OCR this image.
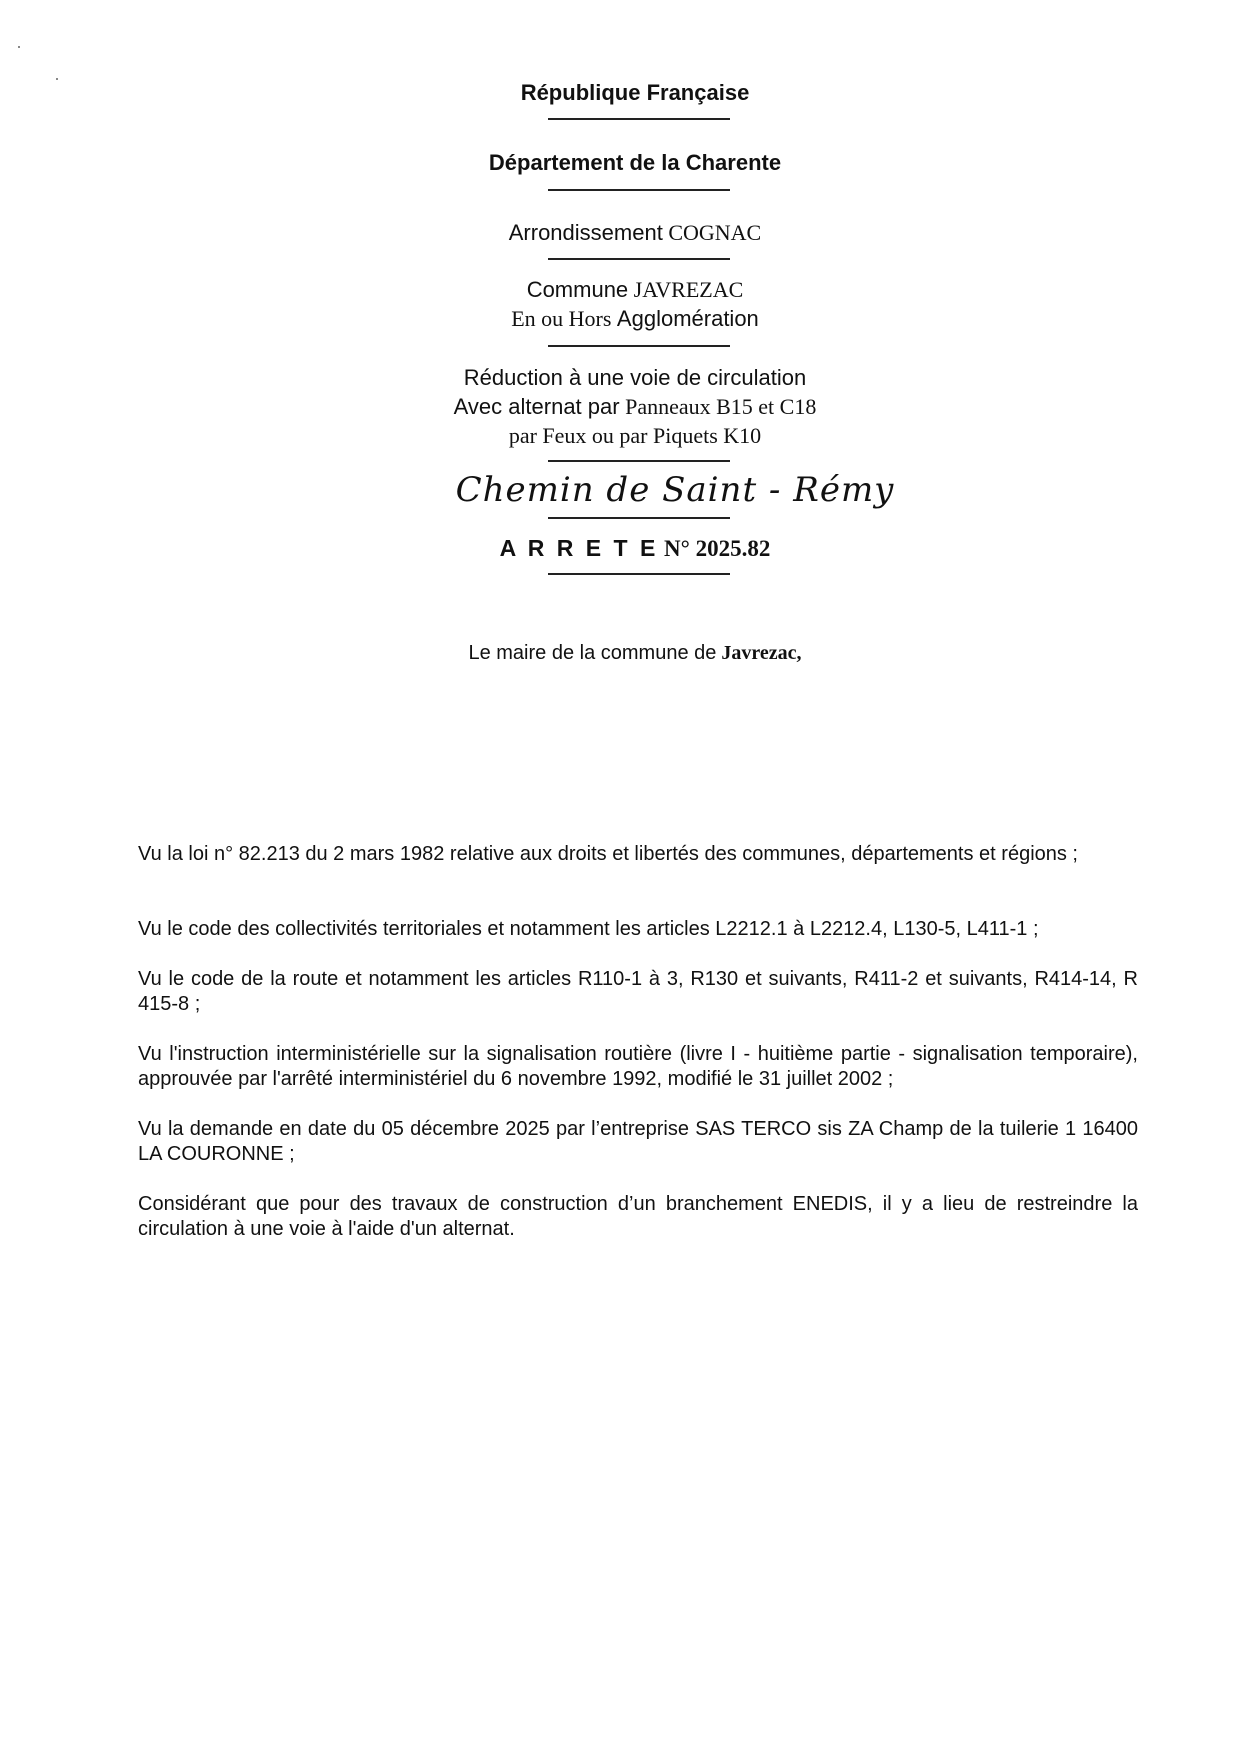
République Française
Département de la Charente
Arrondissement COGNAC
Commune JAVREZAC
En ou Hors Agglomération
Réduction à une voie de circulation
Avec alternat par Panneaux B15 et C18
par Feux ou par Piquets K10
Chemin de Saint - Rémy
A R R E T E N° 2025.82
Le maire de la commune de Javrezac,
Vu la loi n° 82.213 du 2 mars 1982 relative aux droits et libertés des communes, départements et régions ;
Vu le code des collectivités territoriales et notamment les articles L2212.1 à L2212.4, L130-5, L411-1 ;
Vu le code de la route et notamment les articles R110-1 à 3, R130 et suivants, R411-2 et suivants, R414-14, R 415-8 ;
Vu l'instruction interministérielle sur la signalisation routière (livre I - huitième partie - signalisation temporaire), approuvée par l'arrêté interministériel du 6 novembre 1992, modifié le 31 juillet 2002 ;
Vu la demande en date du 05 décembre 2025 par l’entreprise SAS TERCO sis ZA Champ de la tuilerie 1 16400 LA COURONNE ;
Considérant que pour des travaux de construction d’un branchement ENEDIS, il y a lieu de restreindre la circulation à une voie à l'aide d'un alternat.
